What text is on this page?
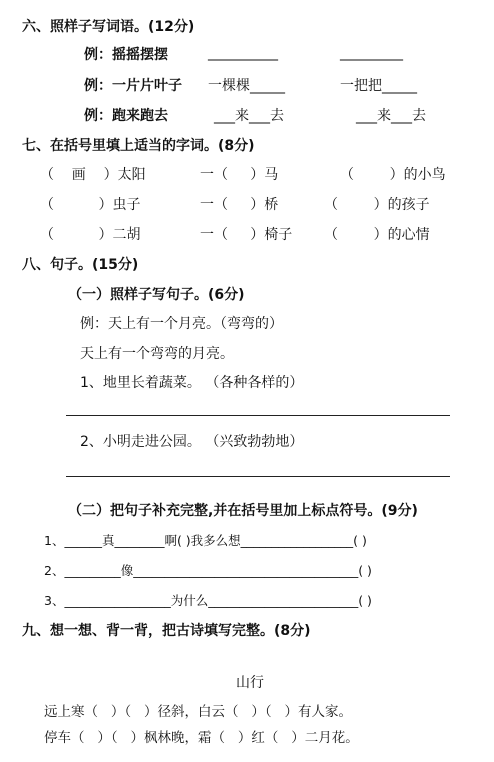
六、照样子写词语。(12分)
例：摇摇摆摆	__________	_________
例：一片片叶子 一棵棵_____	一把把_____
例：跑来跑去	___来___去	___来___去
七、在括号里填上适当的字词。(8分)
（    画    ）太阳	一（     ）马	（        ）的小鸟
（          ）虫子	一（     ）桥	（        ）的孩子
（          ）二胡	一（     ）椅子 （        ）的心情
八、句子。(15分)
（一）照样子写句子。(6分)
例：天上有一个月亮。（弯弯的）
天上有一个弯弯的月亮。
1、地里长着蔬菜。 （各种各样的）
2、小明走进公园。 （兴致勃勃地）
（二）把句子补充完整,并在括号里加上标点符号。(9分)
1、______真________啊( )我多么想__________________( )
2、_________像____________________________________( )
3、_________________为什么________________________( )
九、想一想、背一背，把古诗填写完整。(8分)
山行
远上寒（   ）（   ）径斜，白云（   ）（   ）有人家。
停车（   ）（   ）枫林晚，霜（   ）红（   ）二月花。
